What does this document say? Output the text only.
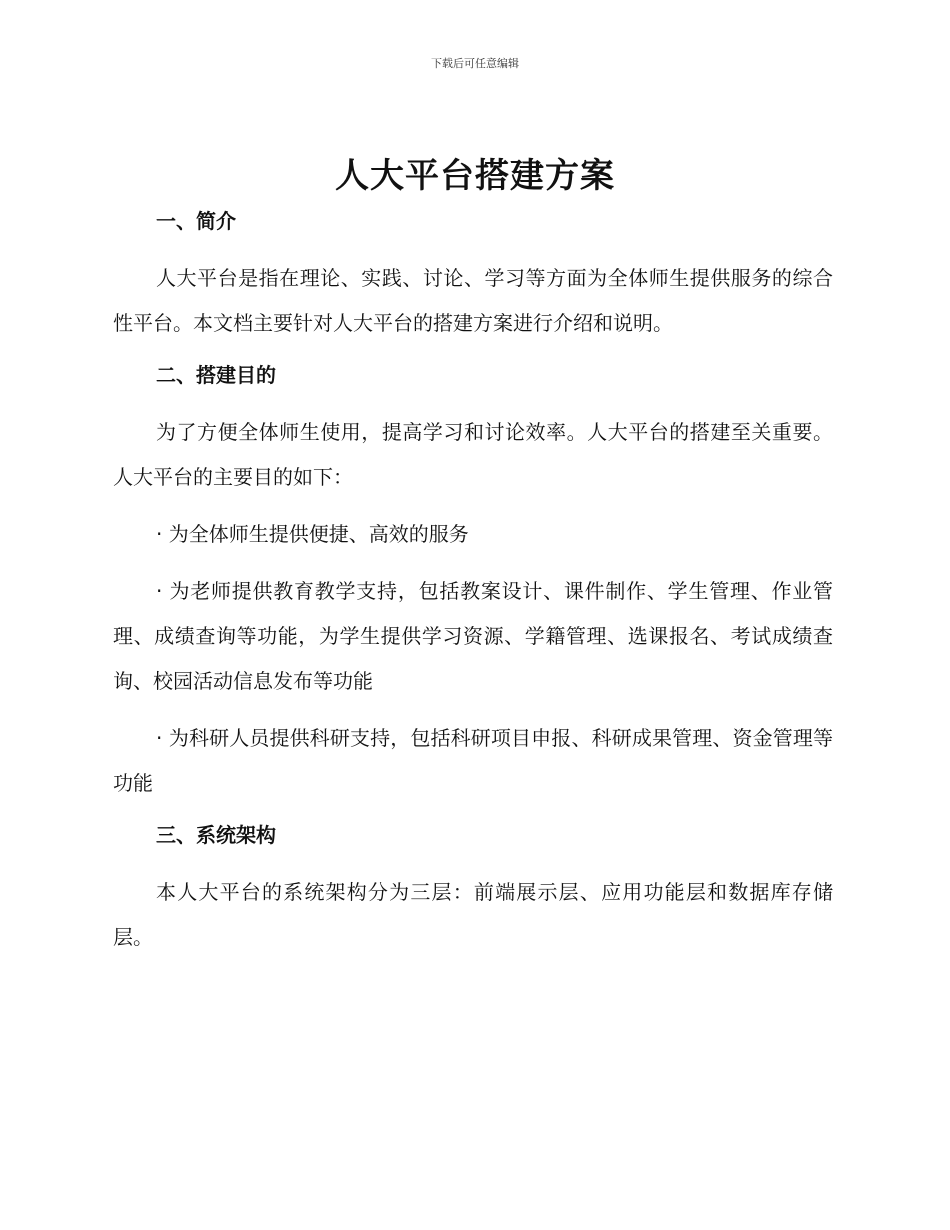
下载后可任意编辑
人大平台搭建方案
一、简介

人大平台是指在理论、实践、讨论、学习等方面为全体师生提供服务的综合性平台。本文档主要针对人大平台的搭建方案进行介绍和说明。

二、搭建目的

为了方便全体师生使用，提高学习和讨论效率。人大平台的搭建至关重要。人大平台的主要目的如下：

· 为全体师生提供便捷、高效的服务

· 为老师提供教育教学支持，包括教案设计、课件制作、学生管理、作业管理、成绩查询等功能，为学生提供学习资源、学籍管理、选课报名、考试成绩查询、校园活动信息发布等功能

· 为科研人员提供科研支持，包括科研项目申报、科研成果管理、资金管理等功能

三、系统架构

本人大平台的系统架构分为三层：前端展示层、应用功能层和数据库存储层。
